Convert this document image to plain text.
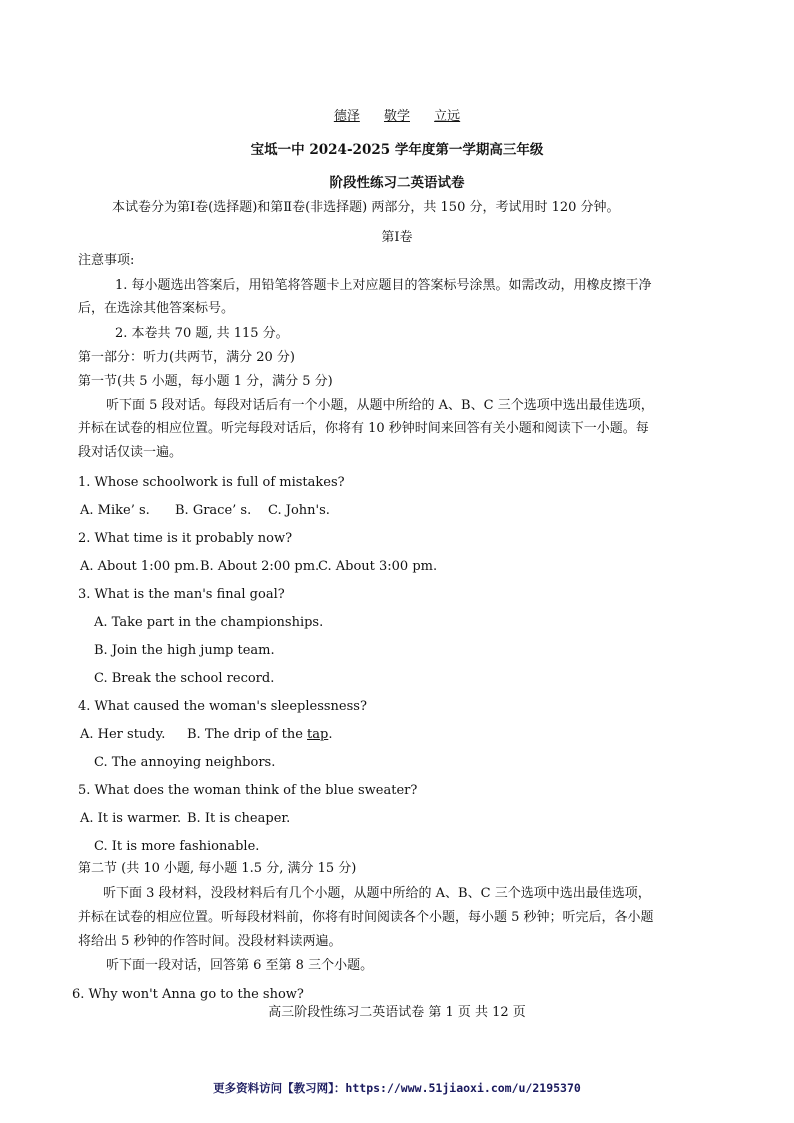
德泽 敬学 立远
宝坻一中 2024-2025 学年度第一学期高三年级
阶段性练习二英语试卷
本试卷分为第Ⅰ卷(选择题)和第Ⅱ卷(非选择题) 两部分，共 150 分，考试用时 120 分钟。
第Ⅰ卷
注意事项:
1. 每小题选出答案后，用铅笔将答题卡上对应题目的答案标号涂黑。如需改动，用橡皮擦干净
后，在选涂其他答案标号。
2. 本卷共 70 题, 共 115 分。
第一部分：听力(共两节，满分 20 分)
第一节(共 5 小题，每小题 1 分，满分 5 分)
听下面 5 段对话。每段对话后有一个小题，从题中所给的 A、B、C 三个选项中选出最佳选项，
并标在试卷的相应位置。听完每段对话后，你将有 10 秒钟时间来回答有关小题和阅读下一小题。每
段对话仅读一遍。
1. Whose schoolwork is full of mistakes?
A. Mike’ s. B. Grace’ s. C. John's.
2. What time is it probably now?
A. About 1:00 pm. B. About 2:00 pm.
C. About 3:00 pm.
3. What is the man's final goal?
A. Take part in the championships.
B. Join the high jump team.
C. Break the school record.
4. What caused the woman's sleeplessness?
A. Her study. B. The drip of the tap.
C. The annoying neighbors.
5. What does the woman think of the blue sweater?
A. It is warmer. B. It is cheaper.
C. It is more fashionable.
第二节 (共 10 小题, 每小题 1.5 分, 满分 15 分)
听下面 3 段材料，没段材料后有几个小题，从题中所给的 A、B、C 三个选项中选出最佳选项，
并标在试卷的相应位置。听每段材料前，你将有时间阅读各个小题，每小题 5 秒钟；听完后，各小题
将给出 5 秒钟的作答时间。没段材料读两遍。
听下面一段对话，回答第 6 至第 8 三个小题。
6. Why won't Anna go to the show?
高三阶段性练习二英语试卷 第 1 页 共 12 页
更多资料访问【教习网】：https://www.51jiaoxi.com/u/2195370
